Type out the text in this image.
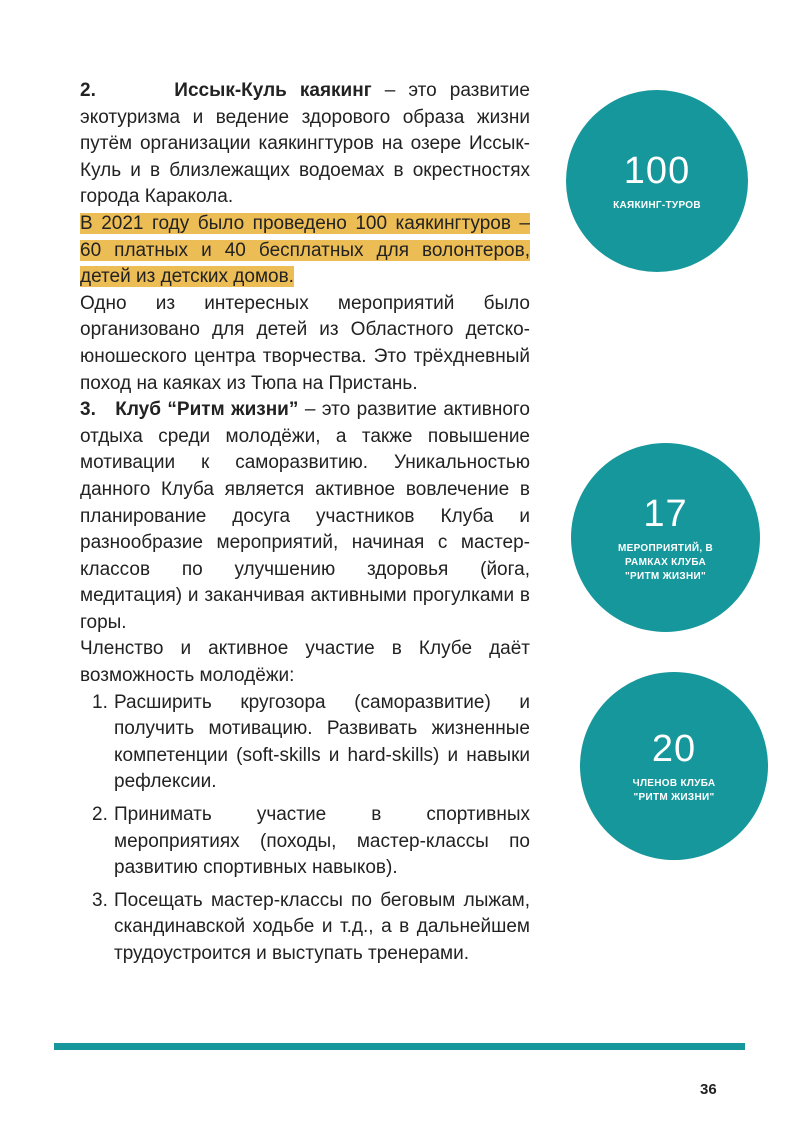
2.	Иссык-Куль каякинг – это развитие экотуризма и ведение здорового образа жизни путём организации каякингтуров на озере Иссык-Куль и в близлежащих водоемах в окрестностях города Каракола.

В 2021 году было проведено 100 каякингтуров – 60 платных и 40 бесплатных для волонтеров, детей из детских домов.

Одно из интересных мероприятий было организовано для детей из Областного детско-юношеского центра творчества. Это трёхдневный поход на каяках из Тюпа на Пристань.

3. Клуб “Ритм жизни” – это развитие активного отдыха среди молодёжи, а также повышение мотивации к саморазвитию. Уникальностью данного Клуба является активное вовлечение в планирование досуга участников Клуба и разнообразие мероприятий, начиная с мастер-классов по улучшению здоровья (йога, медитация) и заканчивая активными прогулками в горы.

Членство и активное участие в Клубе даёт возможность молодёжи:

1. Расширить кругозора (саморазвитие) и получить мотивацию. Развивать жизненные компетенции (soft-skills и hard-skills) и навыки рефлексии.
2. Принимать участие в спортивных мероприятиях (походы, мастер-классы по развитию спортивных навыков).
3. Посещать мастер-классы по беговым лыжам, скандинавской ходьбе и т.д., а в дальнейшем трудоустроится и выступать тренерами.
100
КАЯКИНГ-ТУРОВ
17
МЕРОПРИЯТИЙ, В РАМКАХ КЛУБА "РИТМ ЖИЗНИ"
20
ЧЛЕНОВ КЛУБА "РИТМ ЖИЗНИ"
36
